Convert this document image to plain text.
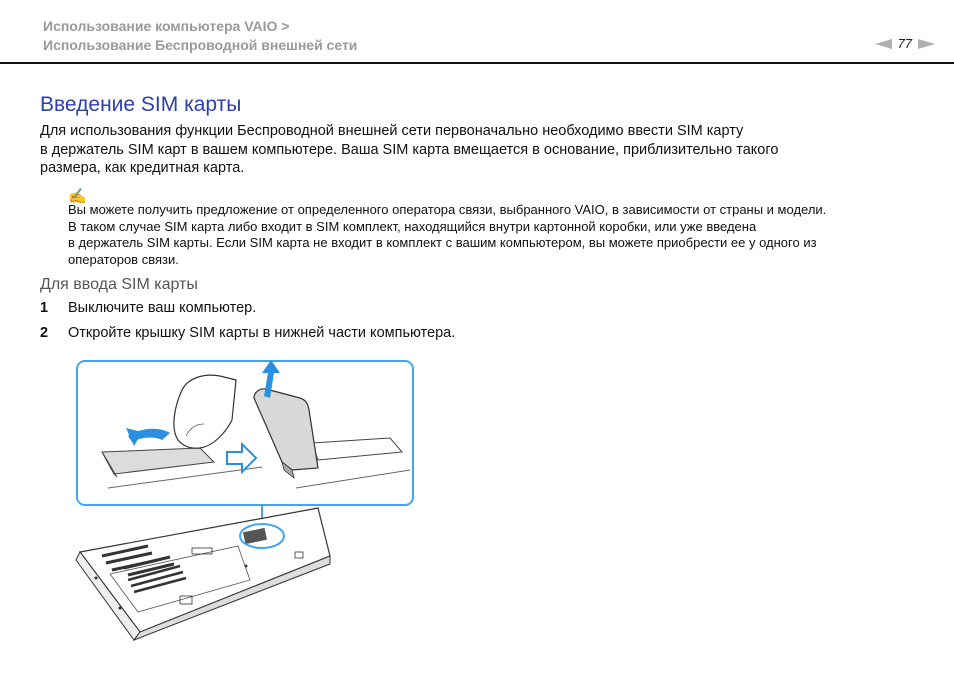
Использование компьютера VAIO >
Использование Беспроводной внешней сети	77
Введение SIM карты

Для использования функции Беспроводной внешней сети первоначально необходимо ввести SIM карту
в держатель SIM карт в вашем компьютере. Ваша SIM карта вмещается в основание, приблизительно такого
размера, как кредитная карта.

✍

Вы можете получить предложение от определенного оператора связи, выбранного VAIO, в зависимости от страны и модели.
В таком случае SIM карта либо входит в SIM комплект, находящийся внутри картонной коробки, или уже введена
в держатель SIM карты. Если SIM карта не входит в комплект с вашим компьютером, вы можете приобрести ее у одного из
операторов связи.

Для ввода SIM карты
1 Выключите ваш компьютер.
2 Откройте крышку SIM карты в нижней части компьютера.
